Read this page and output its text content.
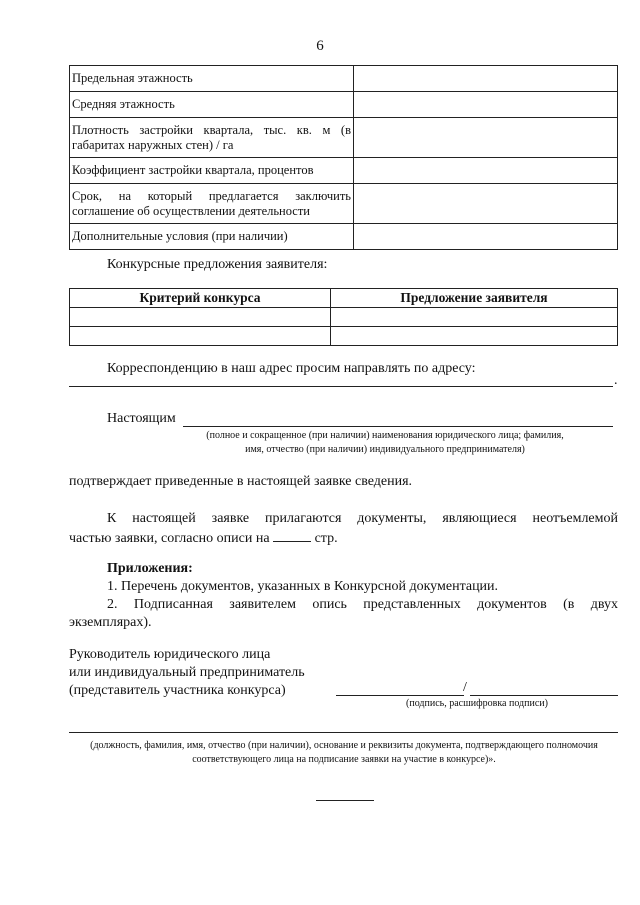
6
Предельная этажность	
Средняя этажность	
Плотность застройки квартала, тыс. кв. м (в габаритах наружных стен) / га	
Коэффициент застройки квартала, процентов	
Срок, на который предлагается заключить соглашение об осуществлении деятельности	
Дополнительные условия (при наличии)	
Конкурсные предложения заявителя:
Критерий конкурса	Предложение заявителя

Корреспонденцию в наш адрес просим направлять по адресу:
.
Настоящим
(полное и сокращенное (при наличии) наименования юридического лица; фамилия,
имя, отчество (при наличии) индивидуального предпринимателя)
подтверждает приведенные в настоящей заявке сведения.
К настоящей заявке прилагаются документы, являющиеся неотъемлемой
частью заявки, согласно описи на	стр.
Приложения:
1. Перечень документов, указанных в Конкурсной документации.
2. Подписанная заявителем опись представленных документов (в двух
экземплярах).
Руководитель юридического лица
или индивидуальный предприниматель
(представитель участника конкурса)	/
(подпись, расшифровка подписи)
(должность, фамилия, имя, отчество (при наличии), основание и реквизиты документа, подтверждающего полномочия
соответствующего лица на подписание заявки на участие в конкурсе)».
